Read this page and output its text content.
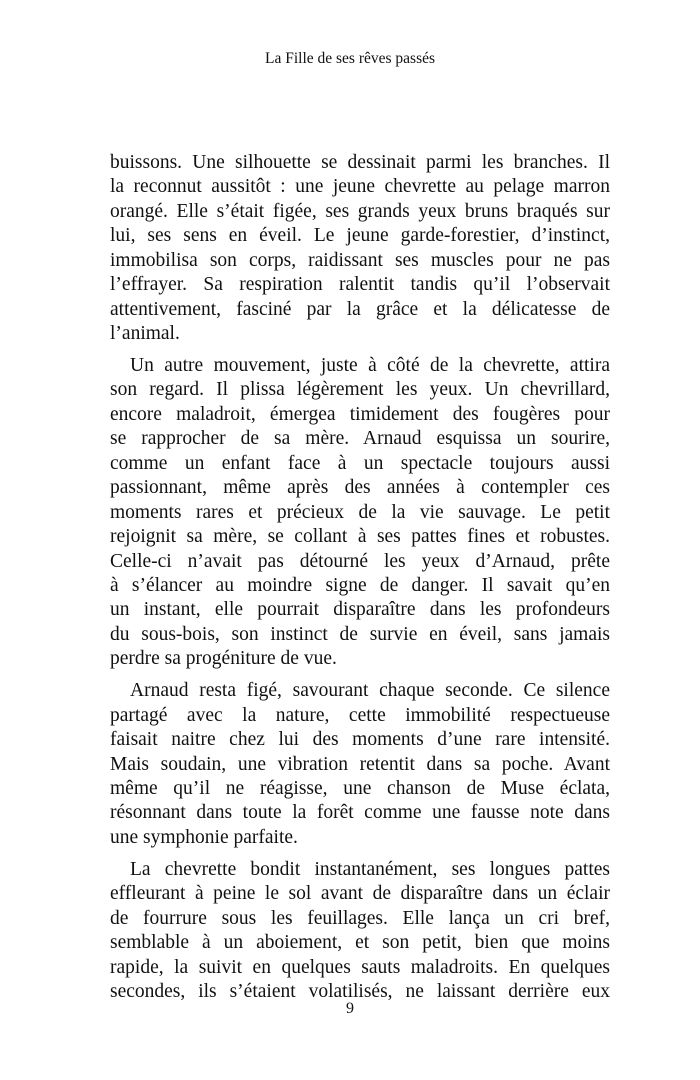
La Fille de ses rêves passés
buissons. Une silhouette se dessinait parmi les branches. Il
la reconnut aussitôt : une jeune chevrette au pelage marron
orangé. Elle s’était figée, ses grands yeux bruns braqués sur
lui, ses sens en éveil. Le jeune garde-forestier, d’instinct,
immobilisa son corps, raidissant ses muscles pour ne pas
l’effrayer. Sa respiration ralentit tandis qu’il l’observait
attentivement, fasciné par la grâce et la délicatesse de
l’animal.
Un autre mouvement, juste à côté de la chevrette, attira
son regard. Il plissa légèrement les yeux. Un chevrillard,
encore maladroit, émergea timidement des fougères pour
se rapprocher de sa mère. Arnaud esquissa un sourire,
comme un enfant face à un spectacle toujours aussi
passionnant, même après des années à contempler ces
moments rares et précieux de la vie sauvage. Le petit
rejoignit sa mère, se collant à ses pattes fines et robustes.
Celle-ci n’avait pas détourné les yeux d’Arnaud, prête
à s’élancer au moindre signe de danger. Il savait qu’en
un instant, elle pourrait disparaître dans les profondeurs
du sous-bois, son instinct de survie en éveil, sans jamais
perdre sa progéniture de vue.
Arnaud resta figé, savourant chaque seconde. Ce silence
partagé avec la nature, cette immobilité respectueuse
faisait naitre chez lui des moments d’une rare intensité.
Mais soudain, une vibration retentit dans sa poche. Avant
même qu’il ne réagisse, une chanson de Muse éclata,
résonnant dans toute la forêt comme une fausse note dans
une symphonie parfaite.
La chevrette bondit instantanément, ses longues pattes
effleurant à peine le sol avant de disparaître dans un éclair
de fourrure sous les feuillages. Elle lança un cri bref,
semblable à un aboiement, et son petit, bien que moins
rapide, la suivit en quelques sauts maladroits. En quelques
secondes, ils s’étaient volatilisés, ne laissant derrière eux
9
